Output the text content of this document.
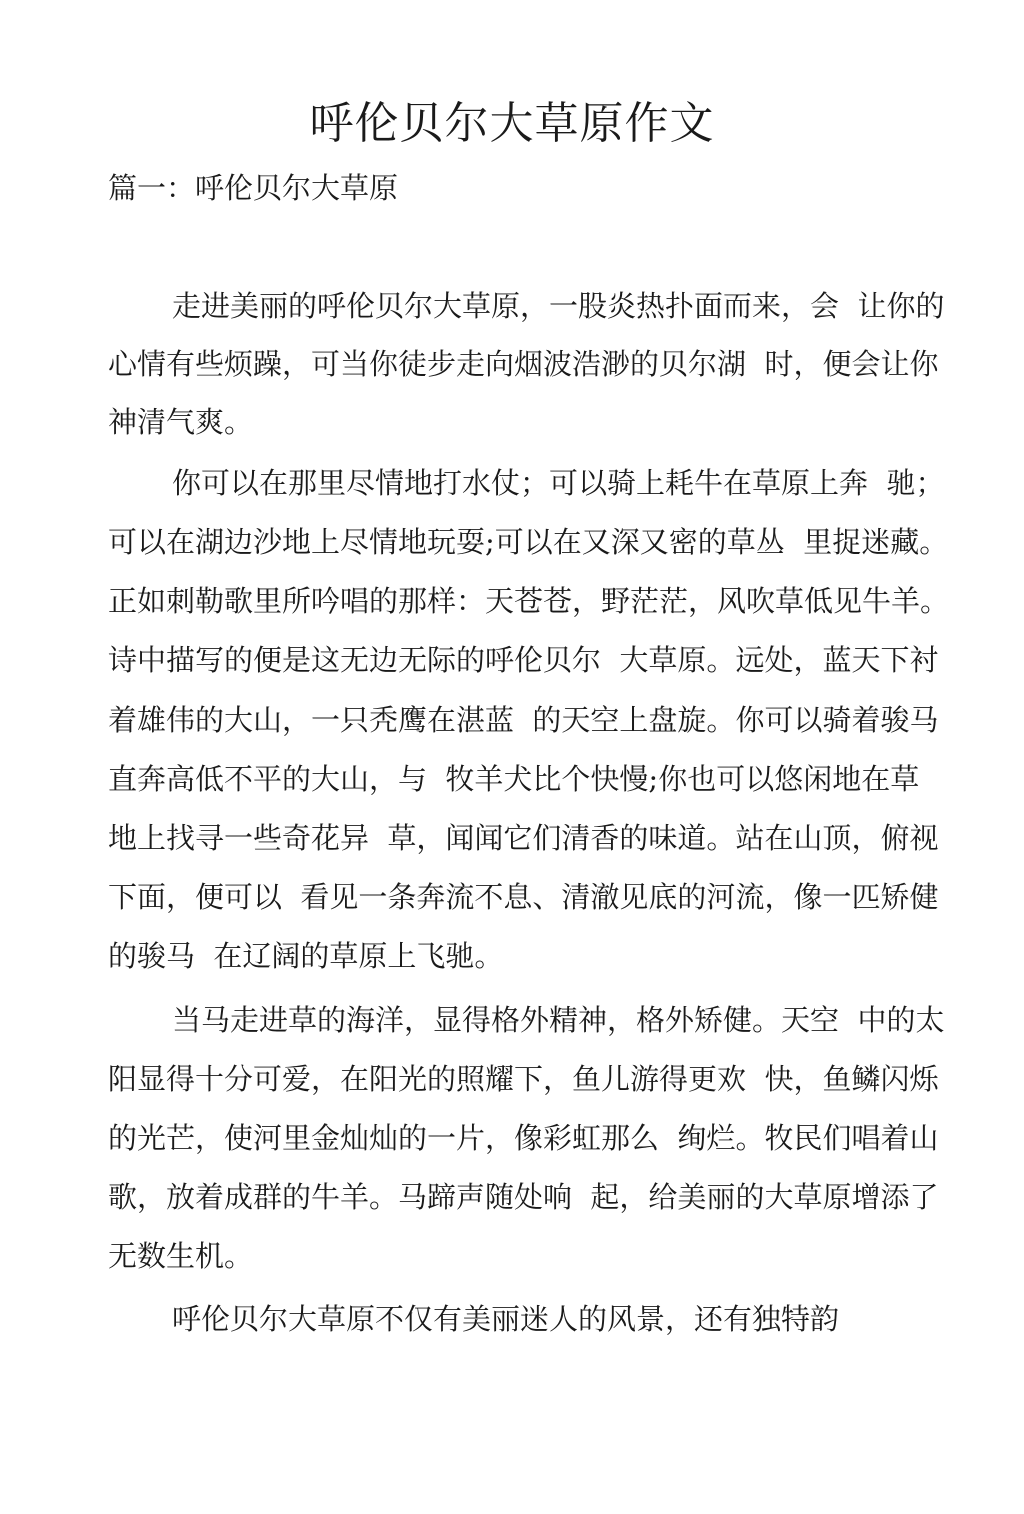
呼伦贝尔大草原作文
篇一：呼伦贝尔大草原

走进美丽的呼伦贝尔大草原，一股炎热扑面而来，会  让你的

心情有些烦躁，可当你徒步走向烟波浩渺的贝尔湖  时，便会让你

神清气爽。

你可以在那里尽情地打水仗；可以骑上耗牛在草原上奔  驰；

可以在湖边沙地上尽情地玩耍;可以在又深又密的草丛  里捉迷藏。

正如刺勒歌里所吟唱的那样：天苍苍，野茫茫，风吹草低见牛羊。

诗中描写的便是这无边无际的呼伦贝尔  大草原。远处，蓝天下衬

着雄伟的大山，一只秃鹰在湛蓝  的天空上盘旋。你可以骑着骏马

直奔高低不平的大山，与  牧羊犬比个快慢;你也可以悠闲地在草

地上找寻一些奇花异  草，闻闻它们清香的味道。站在山顶，俯视

下面，便可以  看见一条奔流不息、清澈见底的河流，像一匹矫健

的骏马  在辽阔的草原上飞驰。

当马走进草的海洋，显得格外精神，格外矫健。天空  中的太

阳显得十分可爱，在阳光的照耀下，鱼儿游得更欢  快，鱼鳞闪烁

的光芒，使河里金灿灿的一片，像彩虹那么  绚烂。牧民们唱着山

歌，放着成群的牛羊。马蹄声随处响  起，给美丽的大草原增添了

无数生机。

呼伦贝尔大草原不仅有美丽迷人的风景，还有独特韵
